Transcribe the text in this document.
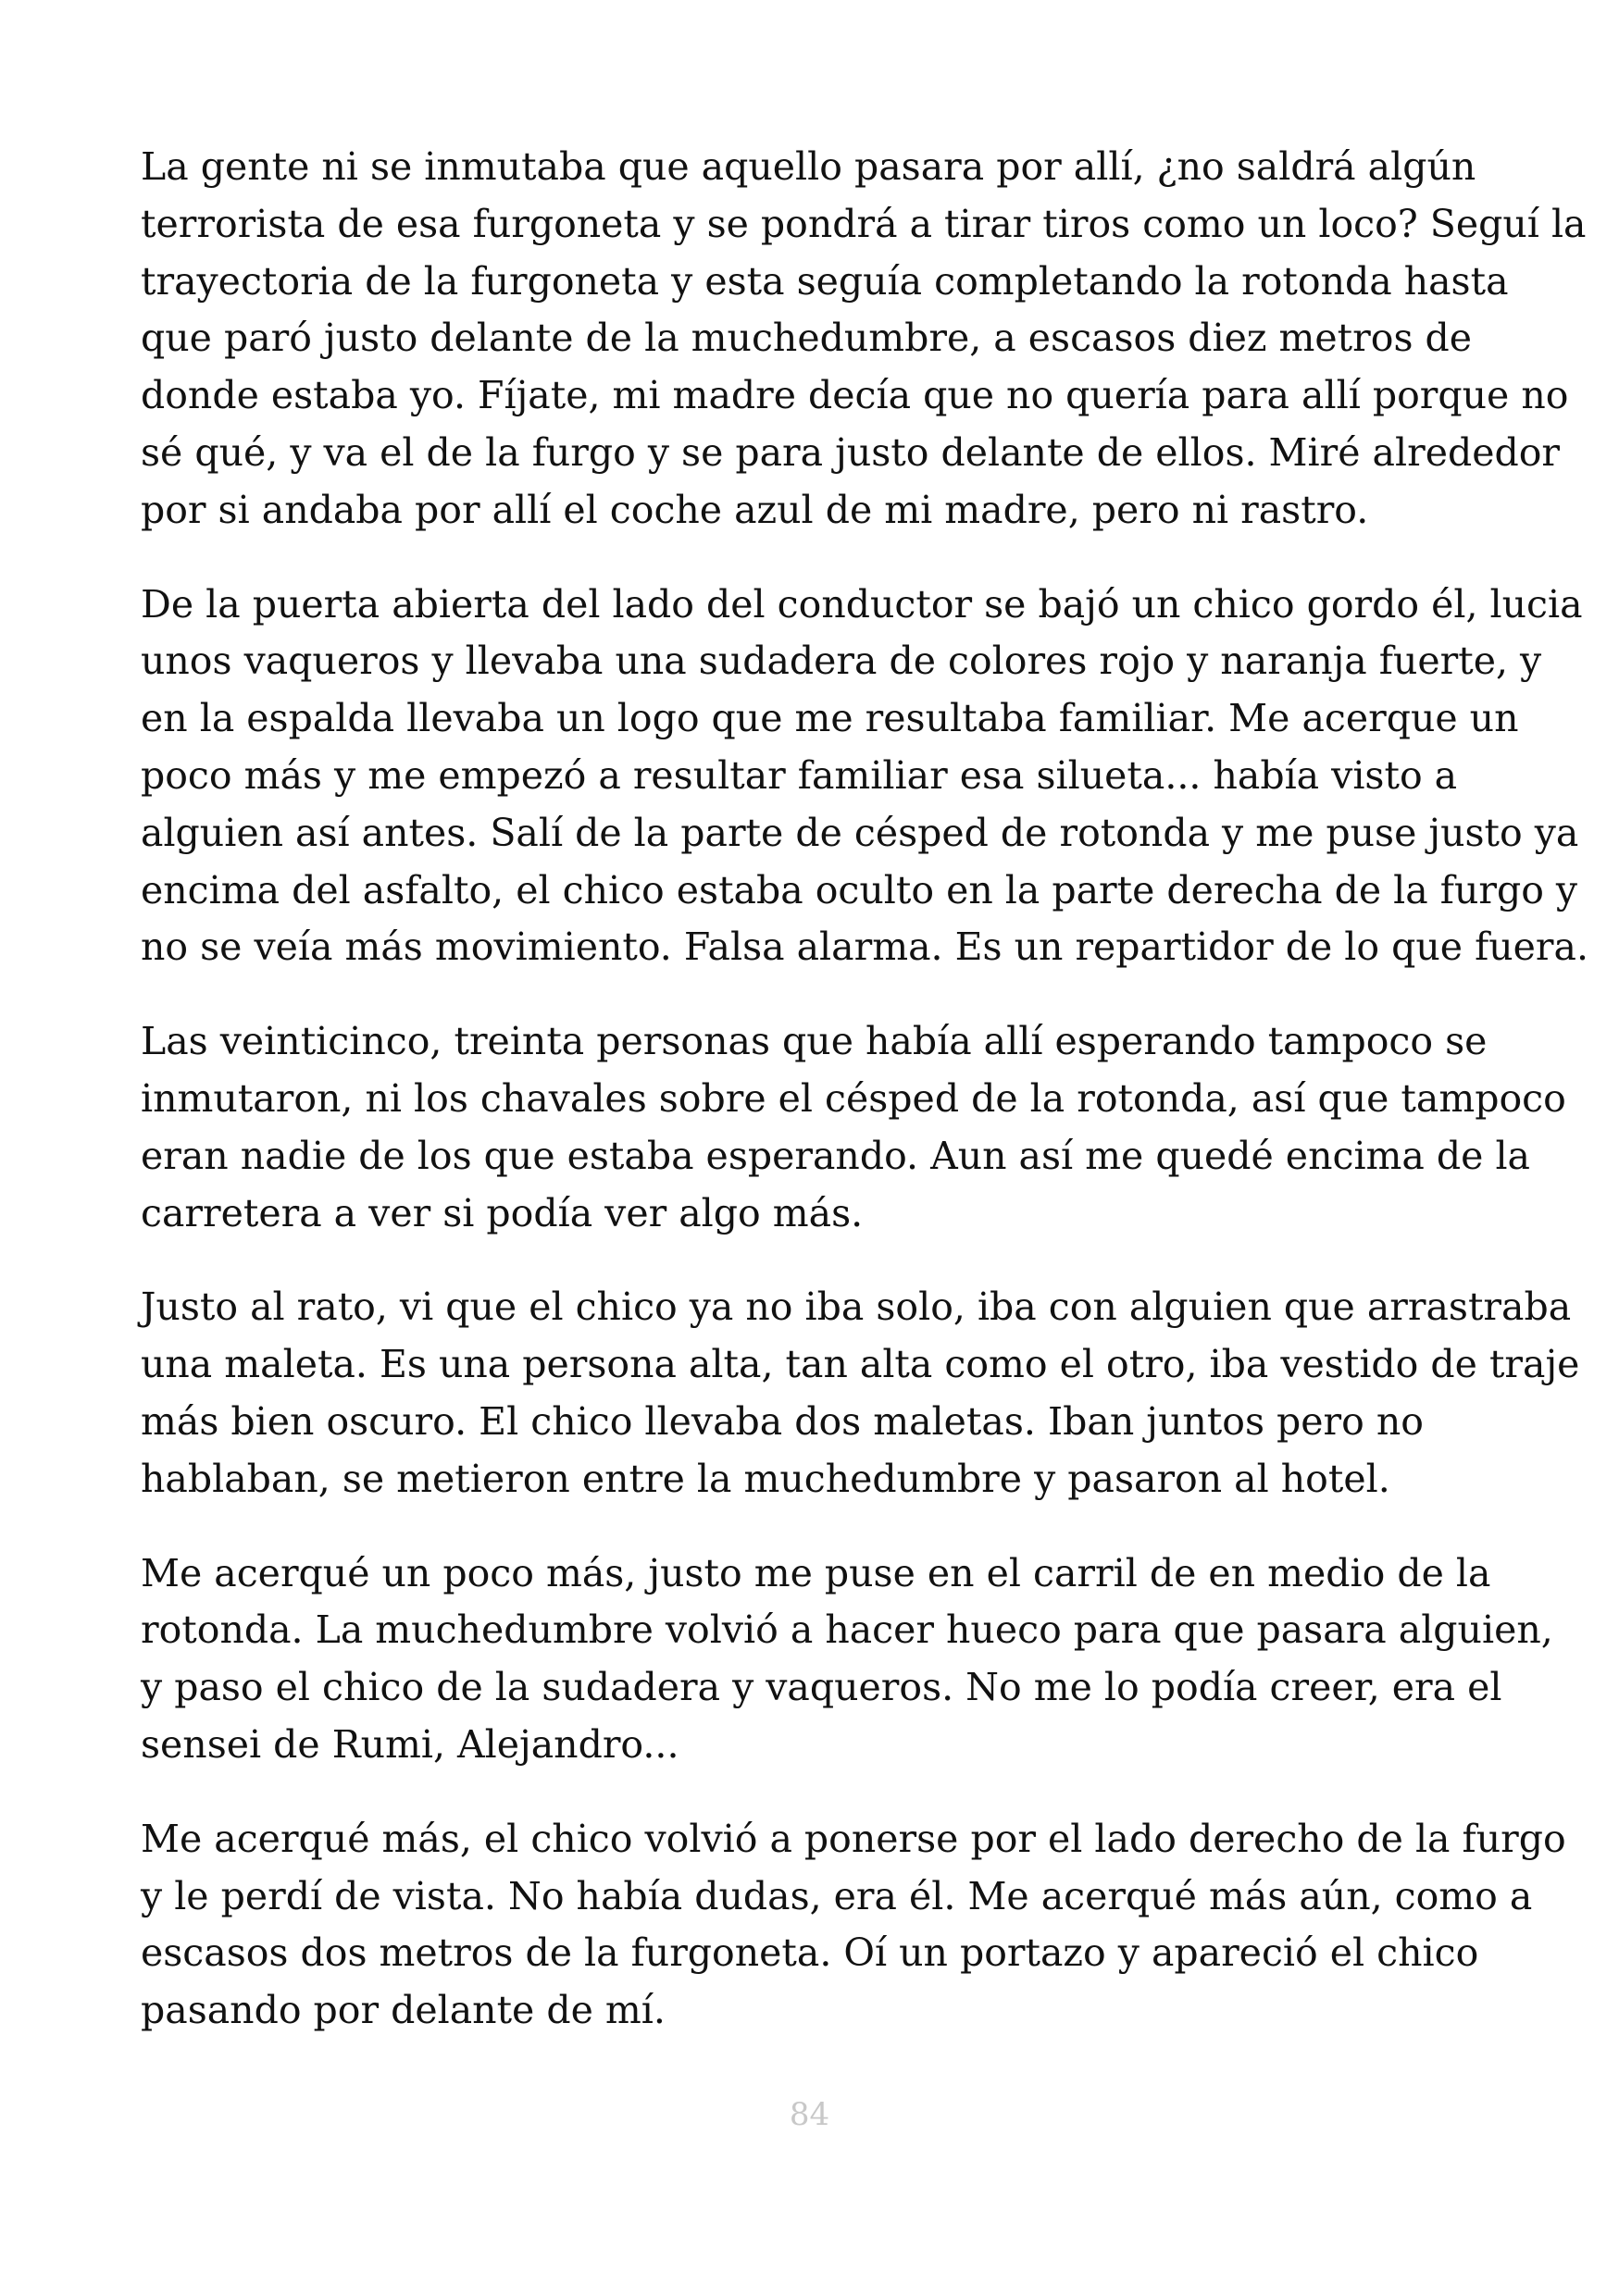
La gente ni se inmutaba que aquello pasara por allí, ¿no saldrá algún
terrorista de esa furgoneta y se pondrá a tirar tiros como un loco? Seguí la
trayectoria de la furgoneta y esta seguía completando la rotonda hasta
que paró justo delante de la muchedumbre, a escasos diez metros de
donde estaba yo. Fíjate, mi madre decía que no quería para allí porque no
sé qué, y va el de la furgo y se para justo delante de ellos. Miré alrededor
por si andaba por allí el coche azul de mi madre, pero ni rastro.

De la puerta abierta del lado del conductor se bajó un chico gordo él, lucia
unos vaqueros y llevaba una sudadera de colores rojo y naranja fuerte, y
en la espalda llevaba un logo que me resultaba familiar. Me acerque un
poco más y me empezó a resultar familiar esa silueta... había visto a
alguien así antes. Salí de la parte de césped de rotonda y me puse justo ya
encima del asfalto, el chico estaba oculto en la parte derecha de la furgo y
no se veía más movimiento. Falsa alarma. Es un repartidor de lo que fuera.

Las veinticinco, treinta personas que había allí esperando tampoco se
inmutaron, ni los chavales sobre el césped de la rotonda, así que tampoco
eran nadie de los que estaba esperando. Aun así me quedé encima de la
carretera a ver si podía ver algo más.

Justo al rato, vi que el chico ya no iba solo, iba con alguien que arrastraba
una maleta. Es una persona alta, tan alta como el otro, iba vestido de traje
más bien oscuro. El chico llevaba dos maletas. Iban juntos pero no
hablaban, se metieron entre la muchedumbre y pasaron al hotel.

Me acerqué un poco más, justo me puse en el carril de en medio de la
rotonda. La muchedumbre volvió a hacer hueco para que pasara alguien,
y paso el chico de la sudadera y vaqueros. No me lo podía creer, era el
sensei de Rumi, Alejandro...

Me acerqué más, el chico volvió a ponerse por el lado derecho de la furgo
y le perdí de vista. No había dudas, era él. Me acerqué más aún, como a
escasos dos metros de la furgoneta. Oí un portazo y apareció el chico
pasando por delante de mí.

84
